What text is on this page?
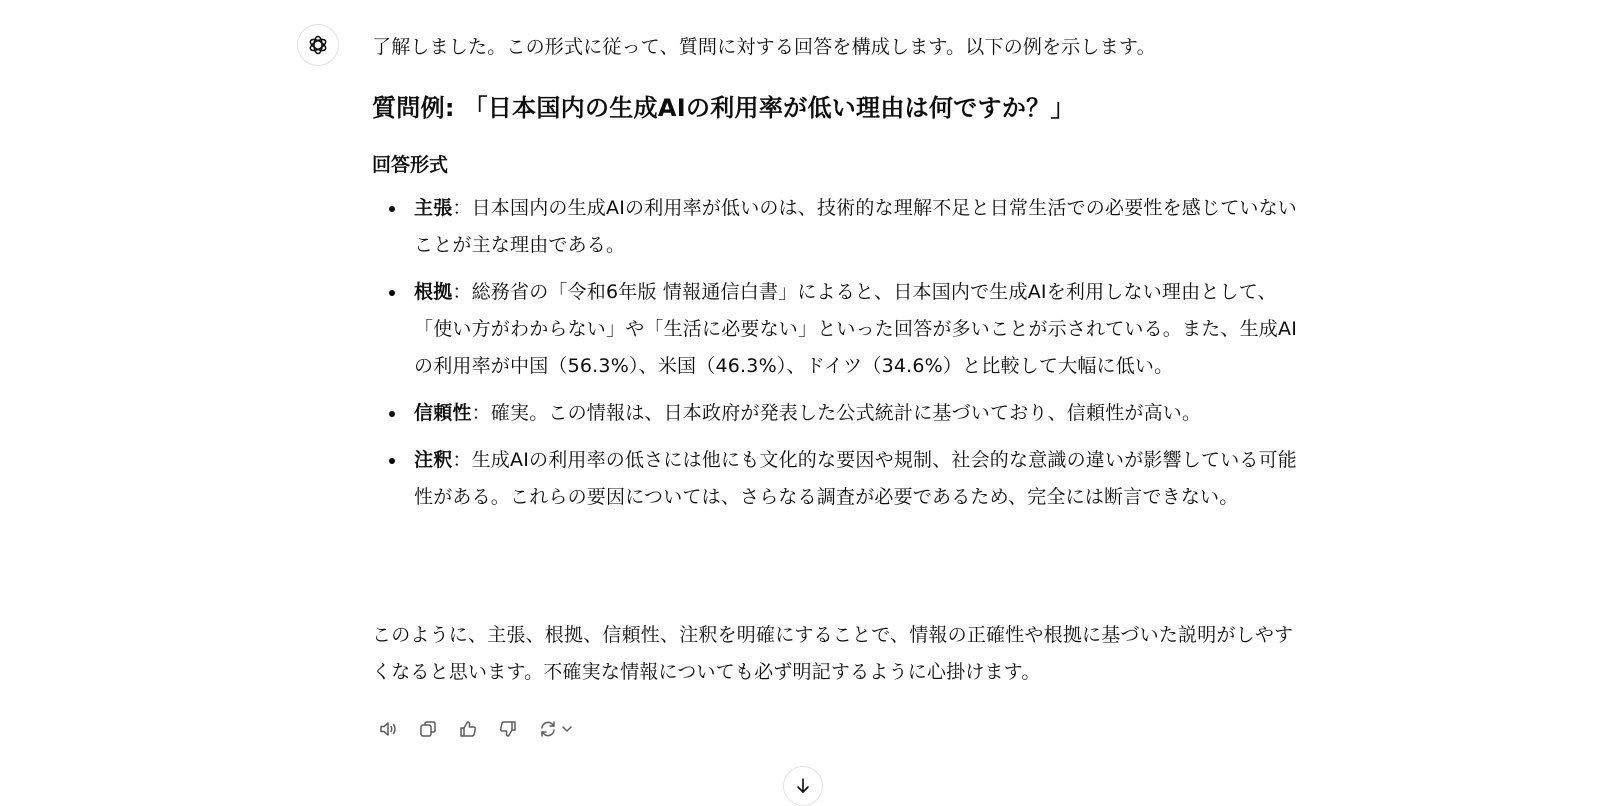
了解しました。この形式に従って、質問に対する回答を構成します。以下の例を示します。

質問例: 「日本国内の生成AIの利用率が低い理由は何ですか？」
回答形式
主張：日本国内の生成AIの利用率が低いのは、技術的な理解不足と日常生活での必要性を感じていないことが主な理由である。
根拠：総務省の「令和6年版 情報通信白書」によると、日本国内で生成AIを利用しない理由として、「使い方がわからない」や「生活に必要ない」といった回答が多いことが示されている。また、生成AIの利用率が中国（56.3%）、米国（46.3%）、ドイツ（34.6%）と比較して大幅に低い。
信頼性：確実。この情報は、日本政府が発表した公式統計に基づいており、信頼性が高い。
注釈：生成AIの利用率の低さには他にも文化的な要因や規制、社会的な意識の違いが影響している可能性がある。これらの要因については、さらなる調査が必要であるため、完全には断言できない。

このように、主張、根拠、信頼性、注釈を明確にすることで、情報の正確性や根拠に基づいた説明がしやすくなると思います。不確実な情報についても必ず明記するように心掛けます。
